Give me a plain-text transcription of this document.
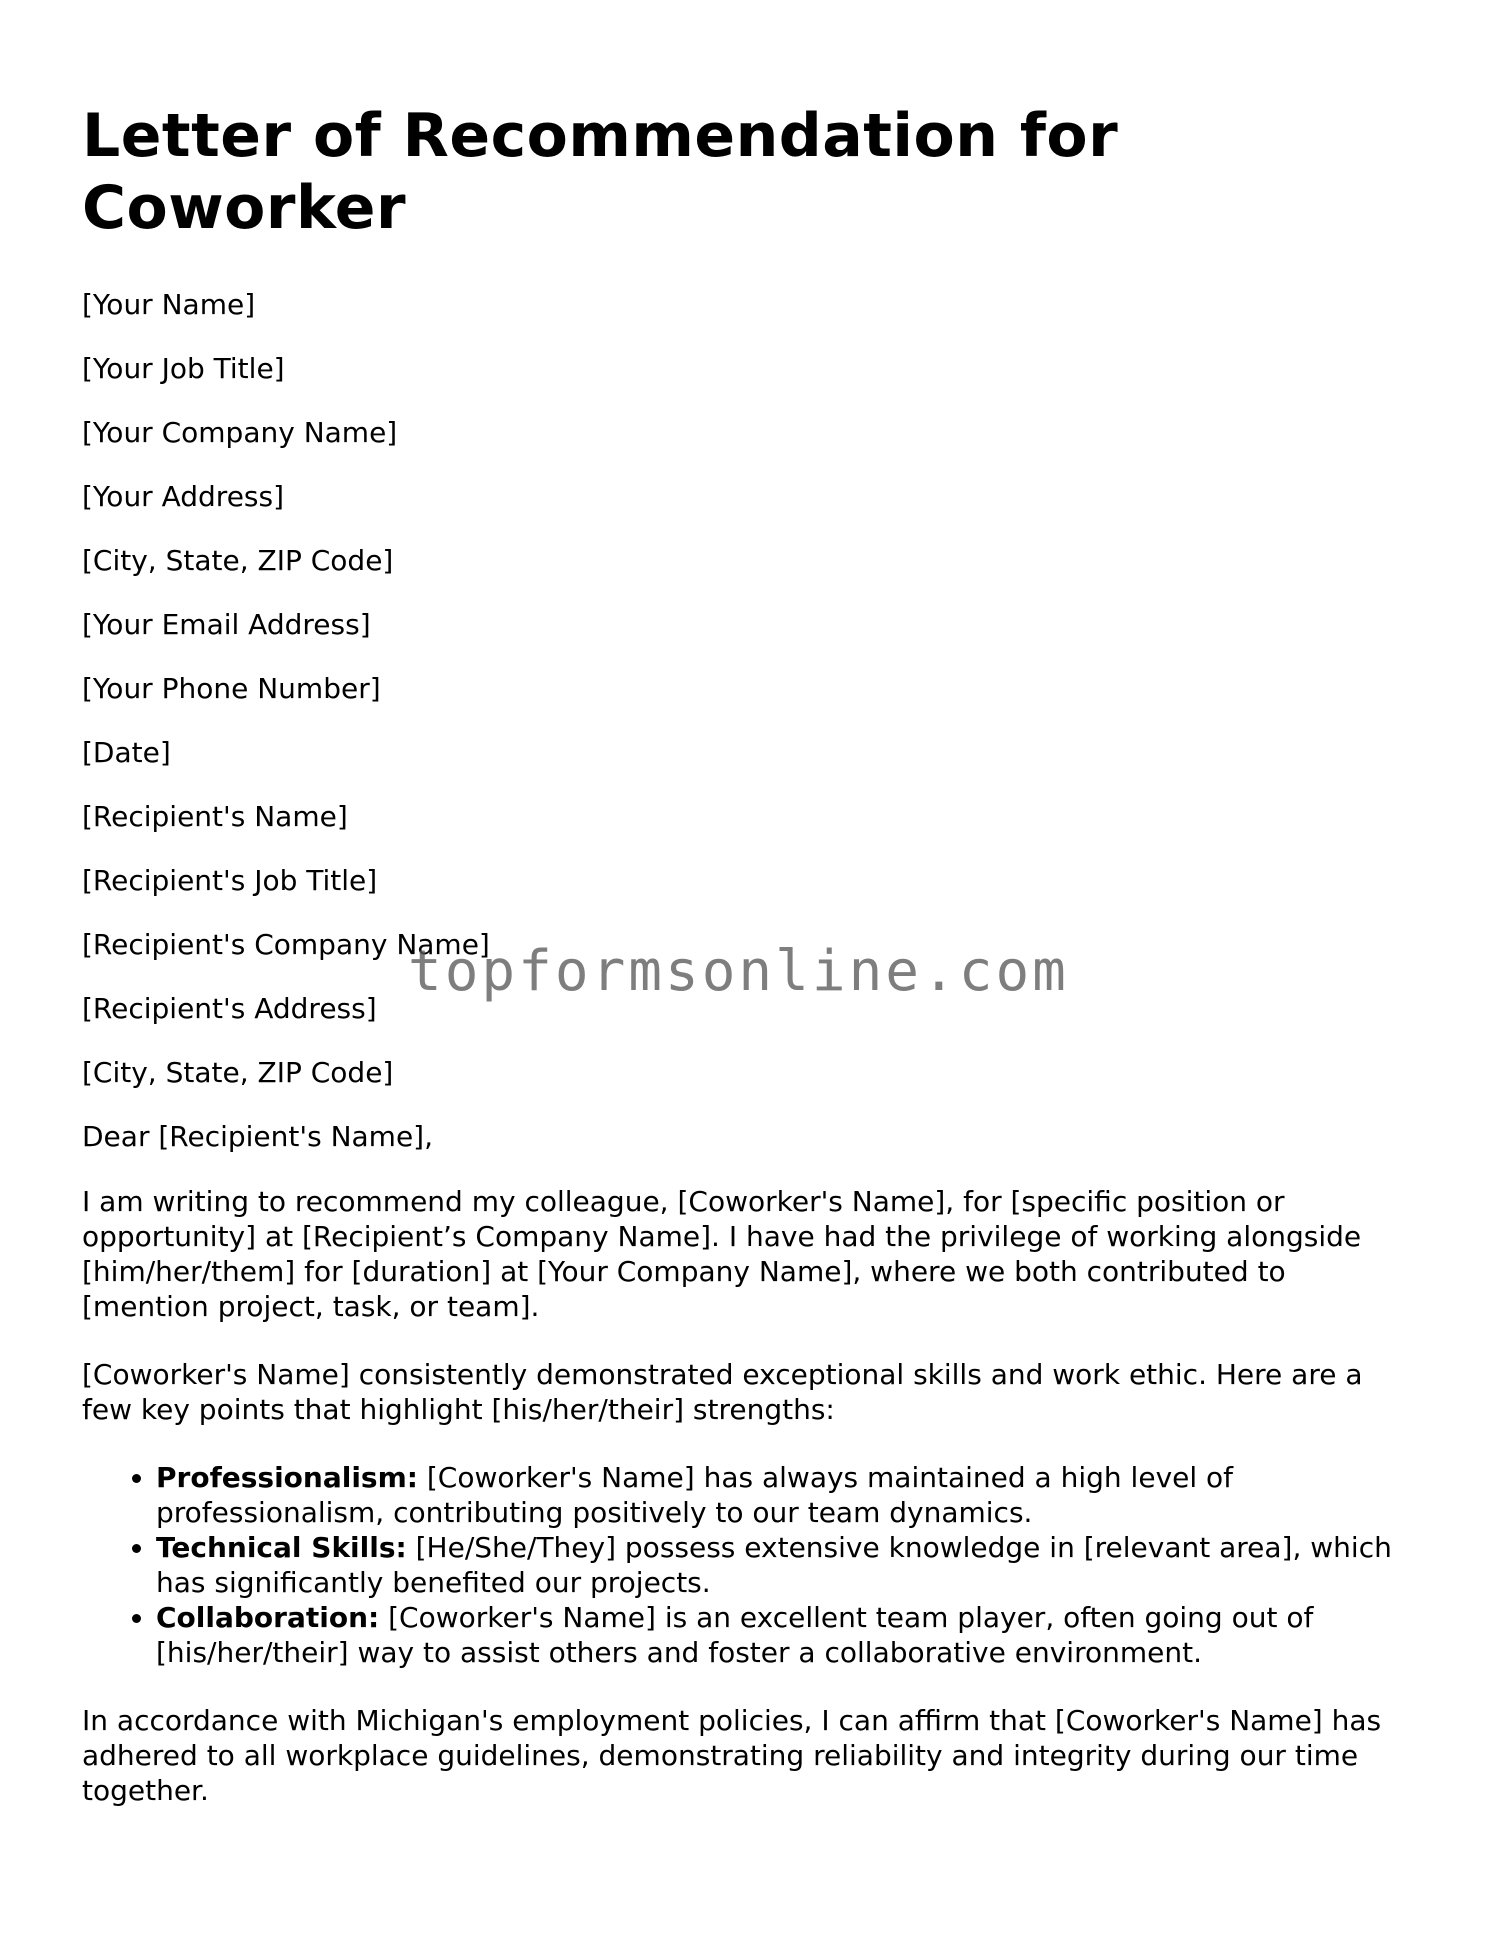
Letter of Recommendation for Coworker
[Your Name]
[Your Job Title]
[Your Company Name]
[Your Address]
[City, State, ZIP Code]
[Your Email Address]
[Your Phone Number]
[Date]
[Recipient's Name]
[Recipient's Job Title]
[Recipient's Company Name]
[Recipient's Address]
[City, State, ZIP Code]
Dear [Recipient's Name],

I am writing to recommend my colleague, [Coworker's Name], for [specific position or opportunity] at [Recipient’s Company Name]. I have had the privilege of working alongside [him/her/them] for [duration] at [Your Company Name], where we both contributed to [mention project, task, or team].

[Coworker's Name] consistently demonstrated exceptional skills and work ethic. Here are a few key points that highlight [his/her/their] strengths:

• Professionalism: [Coworker's Name] has always maintained a high level of professionalism, contributing positively to our team dynamics.
• Technical Skills: [He/She/They] possess extensive knowledge in [relevant area], which has significantly benefited our projects.
• Collaboration: [Coworker's Name] is an excellent team player, often going out of [his/her/their] way to assist others and foster a collaborative environment.

In accordance with Michigan's employment policies, I can affirm that [Coworker's Name] has adhered to all workplace guidelines, demonstrating reliability and integrity during our time together.

topformsonline.com
